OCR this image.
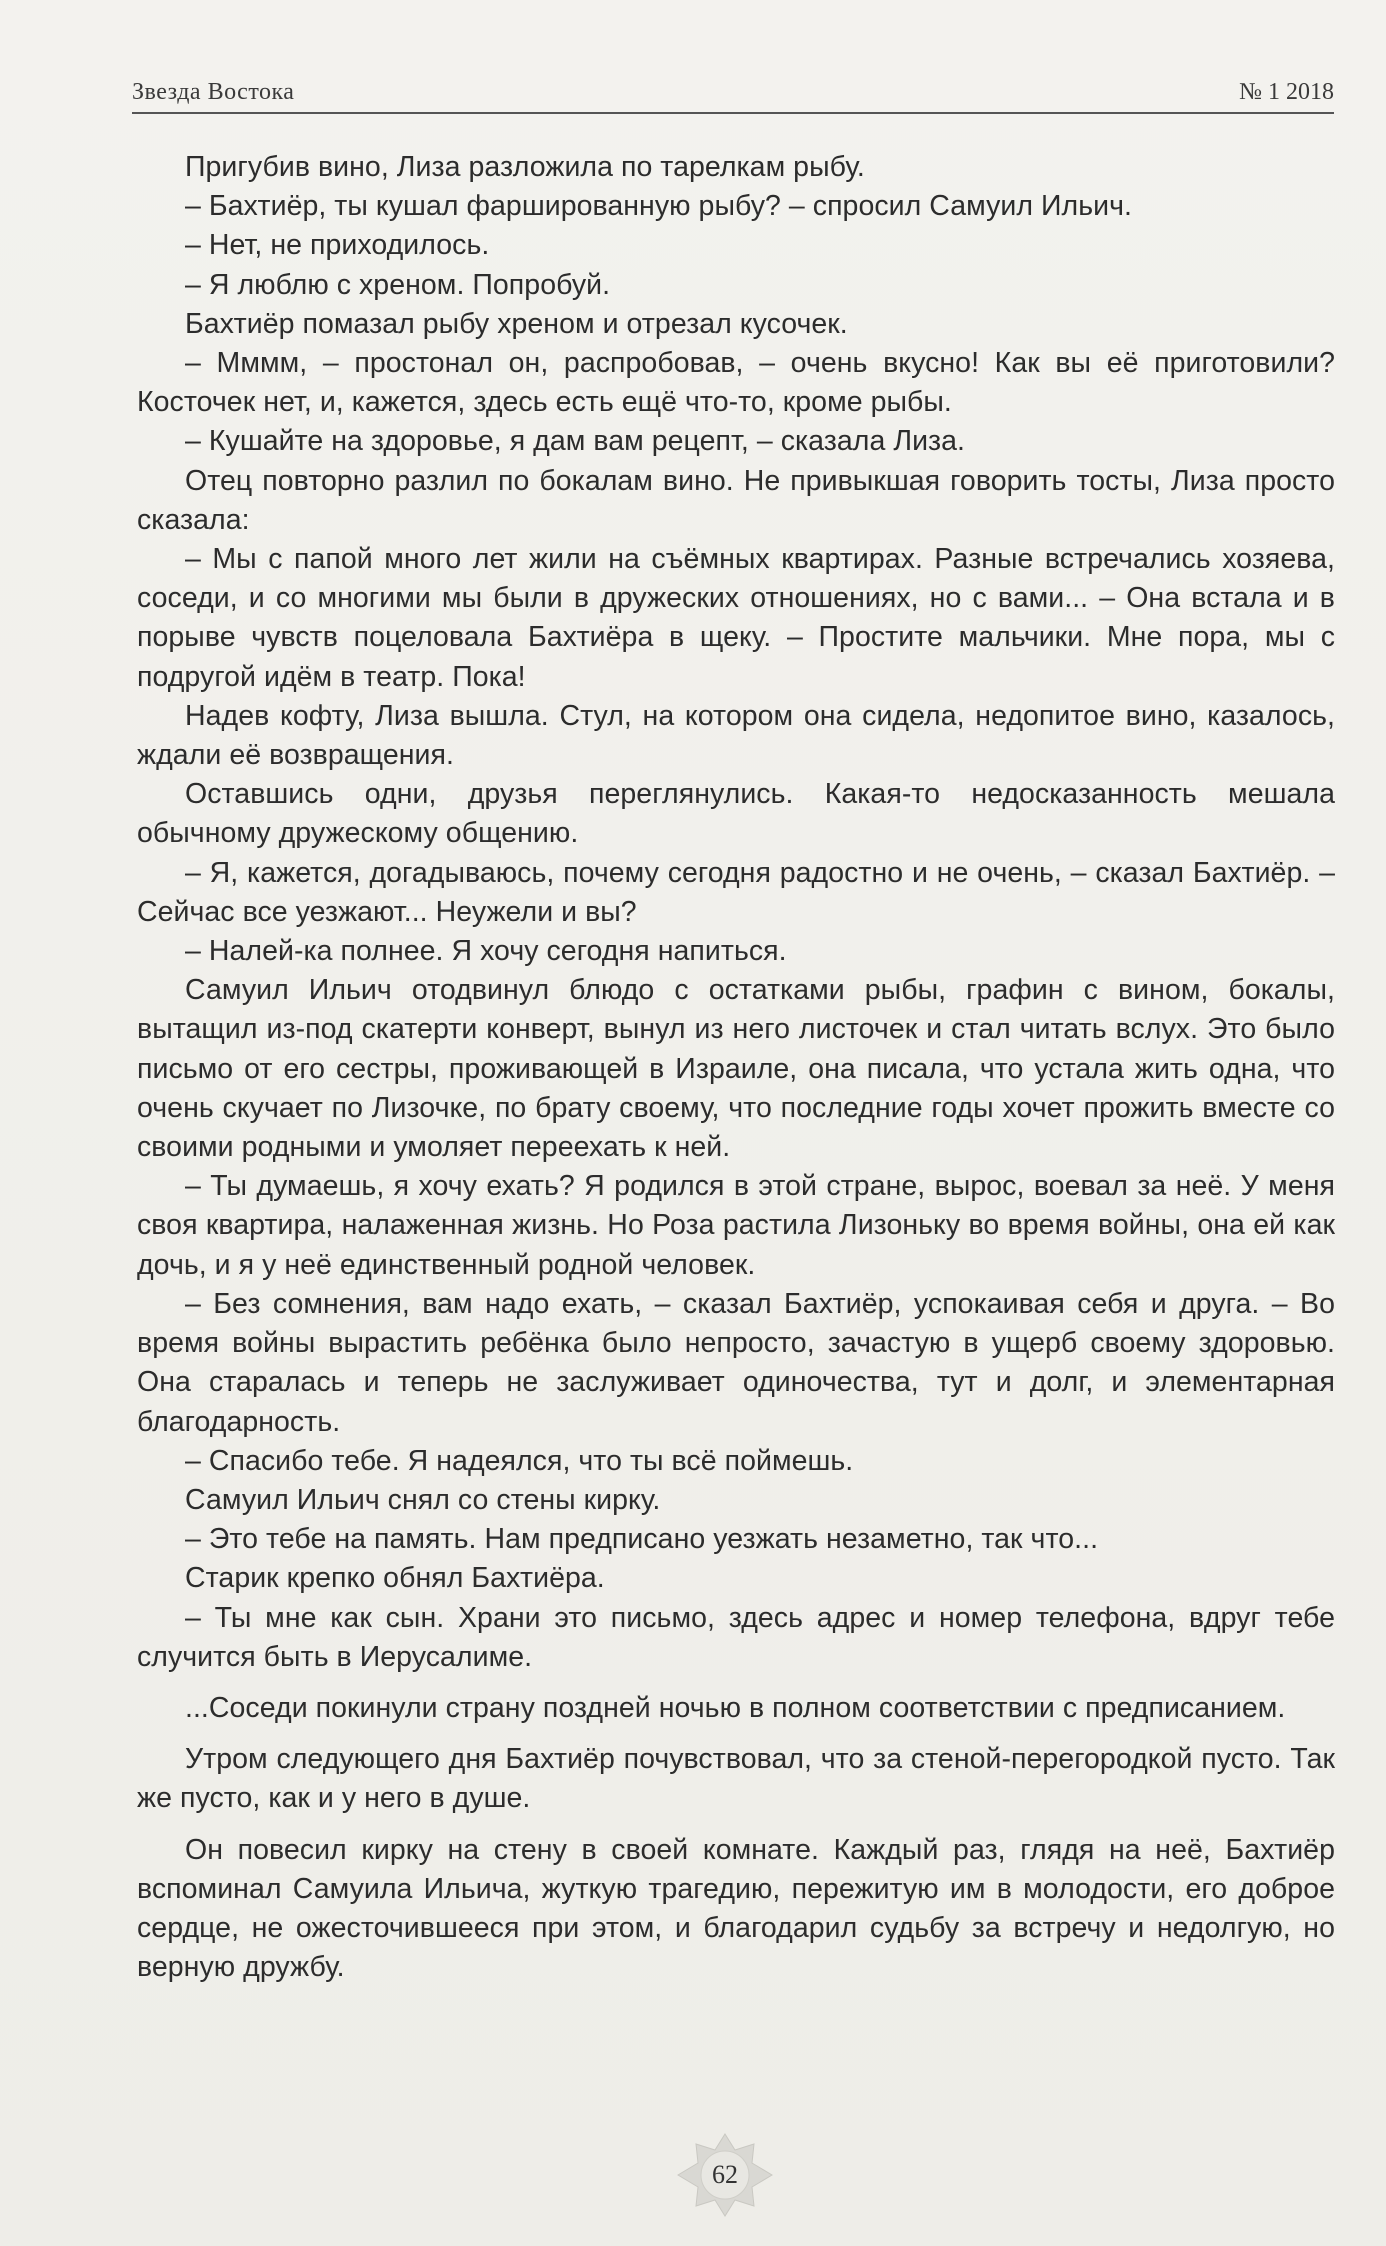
Звезда Востока	№ 1 2018

Пригубив вино, Лиза разложила по тарелкам рыбу.

– Бахтиёр, ты кушал фаршированную рыбу? – спросил Самуил Ильич.

– Нет, не приходилось.

– Я люблю с хреном. Попробуй.

Бахтиёр помазал рыбу хреном и отрезал кусочек.

– Мммм, – простонал он, распробовав, – очень вкусно! Как вы её приготовили? Косточек нет, и, кажется, здесь есть ещё что-то, кроме рыбы.

– Кушайте на здоровье, я дам вам рецепт, – сказала Лиза.

Отец повторно разлил по бокалам вино. Не привыкшая говорить тосты, Лиза просто сказала:

– Мы с папой много лет жили на съёмных квартирах. Разные встречались хозяева, соседи, и со многими мы были в дружеских отношениях, но с вами... – Она встала и в порыве чувств поцеловала Бахтиёра в щеку. – Простите мальчики. Мне пора, мы с подругой идём в театр. Пока!

Надев кофту, Лиза вышла. Стул, на котором она сидела, недопитое вино, казалось, ждали её возвращения.

Оставшись одни, друзья переглянулись. Какая-то недосказанность мешала обычному дружескому общению.

– Я, кажется, догадываюсь, почему сегодня радостно и не очень, – сказал Бахтиёр. – Сейчас все уезжают... Неужели и вы?

– Налей-ка полнее. Я хочу сегодня напиться.

Самуил Ильич отодвинул блюдо с остатками рыбы, графин с вином, бокалы, вытащил из-под скатерти конверт, вынул из него листочек и стал читать вслух. Это было письмо от его сестры, проживающей в Израиле, она писала, что устала жить одна, что очень скучает по Лизочке, по брату своему, что последние годы хочет прожить вместе со своими родными и умоляет переехать к ней.

– Ты думаешь, я хочу ехать? Я родился в этой стране, вырос, воевал за неё. У меня своя квартира, налаженная жизнь. Но Роза растила Лизоньку во время войны, она ей как дочь, и я у неё единственный родной человек.

– Без сомнения, вам надо ехать, – сказал Бахтиёр, успокаивая себя и друга. – Во время войны вырастить ребёнка было непросто, зачастую в ущерб своему здоровью. Она старалась и теперь не заслуживает одиночества, тут и долг, и элементарная благодарность.

– Спасибо тебе. Я надеялся, что ты всё поймешь.

Самуил Ильич снял со стены кирку.

– Это тебе на память. Нам предписано уезжать незаметно, так что...

Старик крепко обнял Бахтиёра.

– Ты мне как сын. Храни это письмо, здесь адрес и номер телефона, вдруг тебе случится быть в Иерусалиме.

...Соседи покинули страну поздней ночью в полном соответствии с предписанием.

Утром следующего дня Бахтиёр почувствовал, что за стеной-перегородкой пусто. Так же пусто, как и у него в душе.

Он повесил кирку на стену в своей комнате. Каждый раз, глядя на неё, Бахтиёр вспоминал Самуила Ильича, жуткую трагедию, пережитую им в молодости, его доброе сердце, не ожесточившееся при этом, и благодарил судьбу за встречу и недолгую, но верную дружбу.

62
